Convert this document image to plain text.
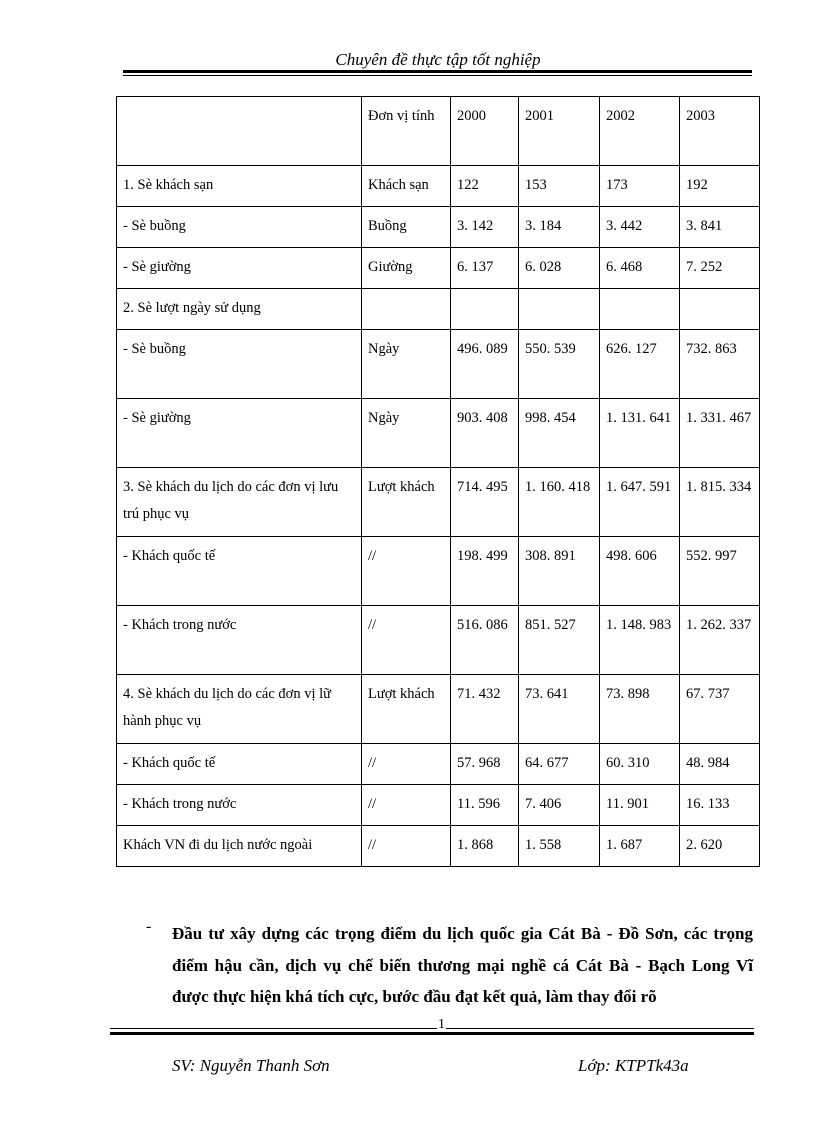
Chuyên đề thực tập tốt nghiệp
	Đơn vị tính	2000	2001	2002	2003
1. Sè khách sạn	Khách sạn	122	153	173	192
- Sè buồng	Buồng	3. 142	3. 184	3. 442	3. 841
- Sè giường	Giường	6. 137	6. 028	6. 468	7. 252
2. Sè lượt ngày sử dụng					
- Sè buồng	Ngày	496. 089	550. 539	626. 127	732. 863
- Sè giường	Ngày	903. 408	998. 454	1. 131. 641	1. 331. 467
3. Sè khách du lịch do các đơn vị lưu trú phục vụ	Lượt khách	714. 495	1. 160. 418	1. 647. 591	1. 815. 334
- Khách quốc tế	//	198. 499	308. 891	498. 606	552. 997
- Khách trong nước	//	516. 086	851. 527	1. 148. 983	1. 262. 337
4. Sè khách du lịch do các đơn vị lữ hành phục vụ	Lượt khách	71. 432	73. 641	73. 898	67. 737
- Khách quốc tế	//	57. 968	64. 677	60. 310	48. 984
- Khách trong nước	//	11. 596	7. 406	11. 901	16. 133
Khách VN đi du lịch nước ngoài	//	1. 868	1. 558	1. 687	2. 620
- Đầu tư xây dựng các trọng điểm du lịch quốc gia Cát Bà - Đồ Sơn, các trọng điểm hậu cần, dịch vụ chế biến thương mại nghề cá Cát Bà - Bạch Long Vĩ được thực hiện khá tích cực, bước đầu đạt kết quả, làm thay đổi rõ
1
SV: Nguyễn Thanh Sơn	Lớp: KTPTk43a
